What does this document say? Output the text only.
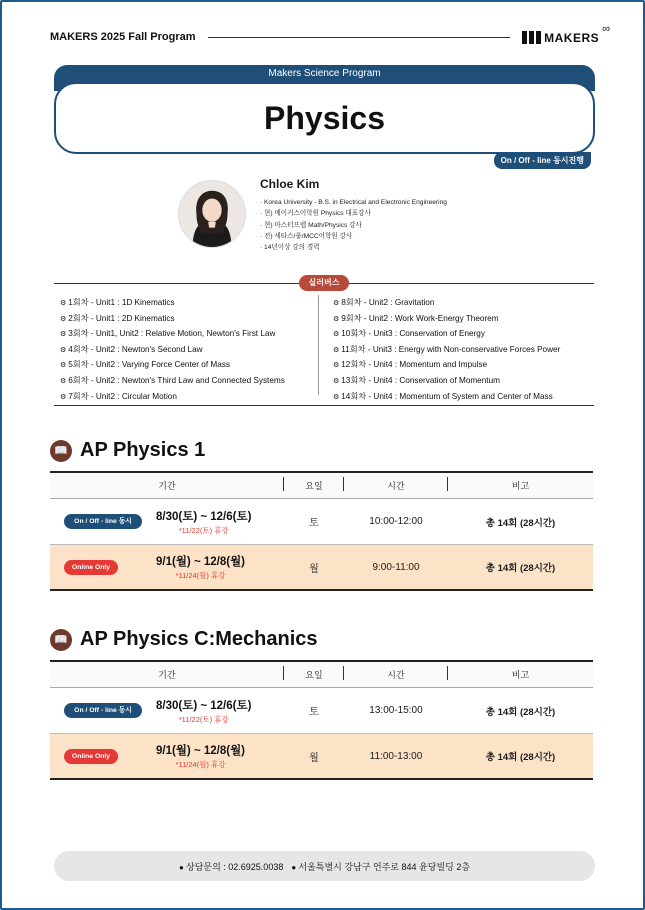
MAKERS 2025 Fall Program	MAKERS
∞
Makers Science Program
Physics
On / Off - line 동시진행
Chloe Kim
· Korea University - B.S. in Electrical and Electronic Engineering
· 현) 메이커스어학원 Physics 대표강사
· 현) 마스터프렙 Math/Physics 강사
· 전) 세타스/룰/MCC어학원 강사
· 14년이상 강의 경력
실러버스
⚙ 1회차 - Unit1 : 1D Kinematics
⚙ 2회차 - Unit1 : 2D Kinematics
⚙ 3회차 - Unit1, Unit2 : Relative Motion, Newton's First Law
⚙ 4회차 - Unit2 : Newton's Second Law
⚙ 5회차 - Unit2 : Varying Force Center of Mass
⚙ 6회차 - Unit2 : Newton's Third Law and Connected Systems
⚙ 7회차 - Unit2 : Circular Motion
⚙ 8회차 - Unit2 : Gravitation
⚙ 9회차 - Unit2 : Work Work-Energy Theorem
⚙ 10회차 - Unit3 : Conservation of Energy
⚙ 11회차 - Unit3 : Energy with Non-conservative Forces Power
⚙ 12회차 - Unit4 : Momentum and Impulse
⚙ 13회차 - Unit4 : Conservation of Momentum
⚙ 14회차 - Unit4 : Momentum of System and Center of Mass
📖 AP Physics 1
기간	요일	시간	비고
On / Off - line 동시	8/30(토) ~ 12/6(토)
*11/22(토) 휴강
토	10:00-12:00	총 14회 (28시간)
Online Only	9/1(월) ~ 12/8(월)
*11/24(월) 휴강
월	9:00-11:00	총 14회 (28시간)
📖 AP Physics C:Mechanics
기간	요일	시간	비고
On / Off - line 동시	8/30(토) ~ 12/6(토)
*11/22(토) 휴강
토	13:00-15:00	총 14회 (28시간)
Online Only	9/1(월) ~ 12/8(월)
*11/24(월) 휴강
월	11:00-13:00	총 14회 (28시간)
● 상담문의 : 02.6925.0038
●	서울특별시 강남구 언주로 844 윤당빌딩 2층
